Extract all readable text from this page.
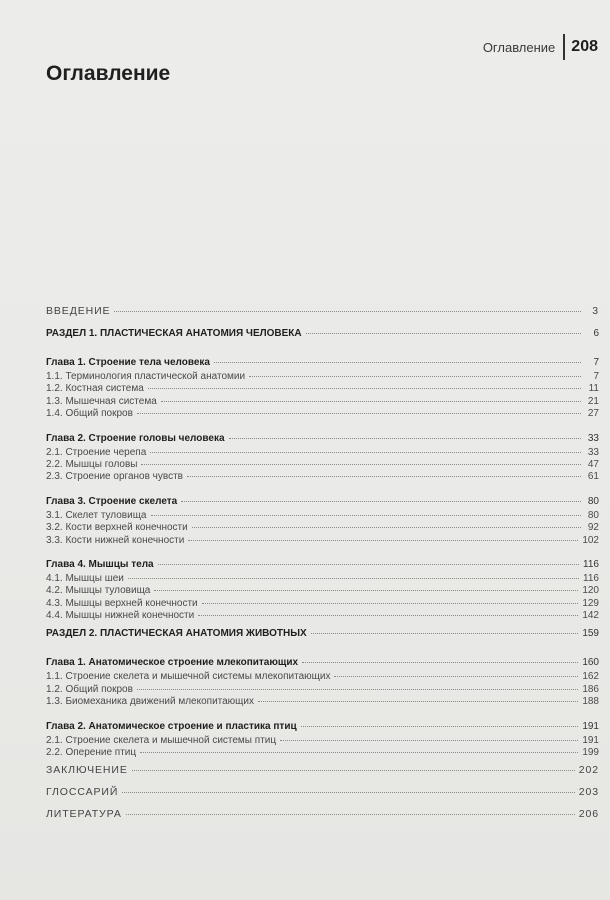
Оглавление 208
Оглавление
ВВЕДЕНИЕ	3
РАЗДЕЛ 1. ПЛАСТИЧЕСКАЯ АНАТОМИЯ ЧЕЛОВЕКА	6
Глава 1. Строение тела человека	7
1.1. Терминология пластической анатомии	7
1.2. Костная система	11
1.3. Мышечная система	21
1.4. Общий покров	27
Глава 2. Строение головы человека	33
2.1. Строение черепа	33
2.2. Мышцы головы	47
2.3. Строение органов чувств	61
Глава 3. Строение скелета	80
3.1. Скелет туловища	80
3.2. Кости верхней конечности	92
3.3. Кости нижней конечности	102
Глава 4. Мышцы тела	116
4.1. Мышцы шеи	116
4.2. Мышцы туловища	120
4.3. Мышцы верхней конечности	129
4.4. Мышцы нижней конечности	142
РАЗДЕЛ 2. ПЛАСТИЧЕСКАЯ АНАТОМИЯ ЖИВОТНЫХ	159
Глава 1. Анатомическое строение млекопитающих	160
1.1. Строение скелета и мышечной системы млекопитающих	162
1.2. Общий покров	186
1.3. Биомеханика движений млекопитающих	188
Глава 2. Анатомическое строение и пластика птиц	191
2.1. Строение скелета и мышечной системы птиц	191
2.2. Оперение птиц	199
ЗАКЛЮЧЕНИЕ	202
ГЛОССАРИЙ	203
ЛИТЕРАТУРА	206
